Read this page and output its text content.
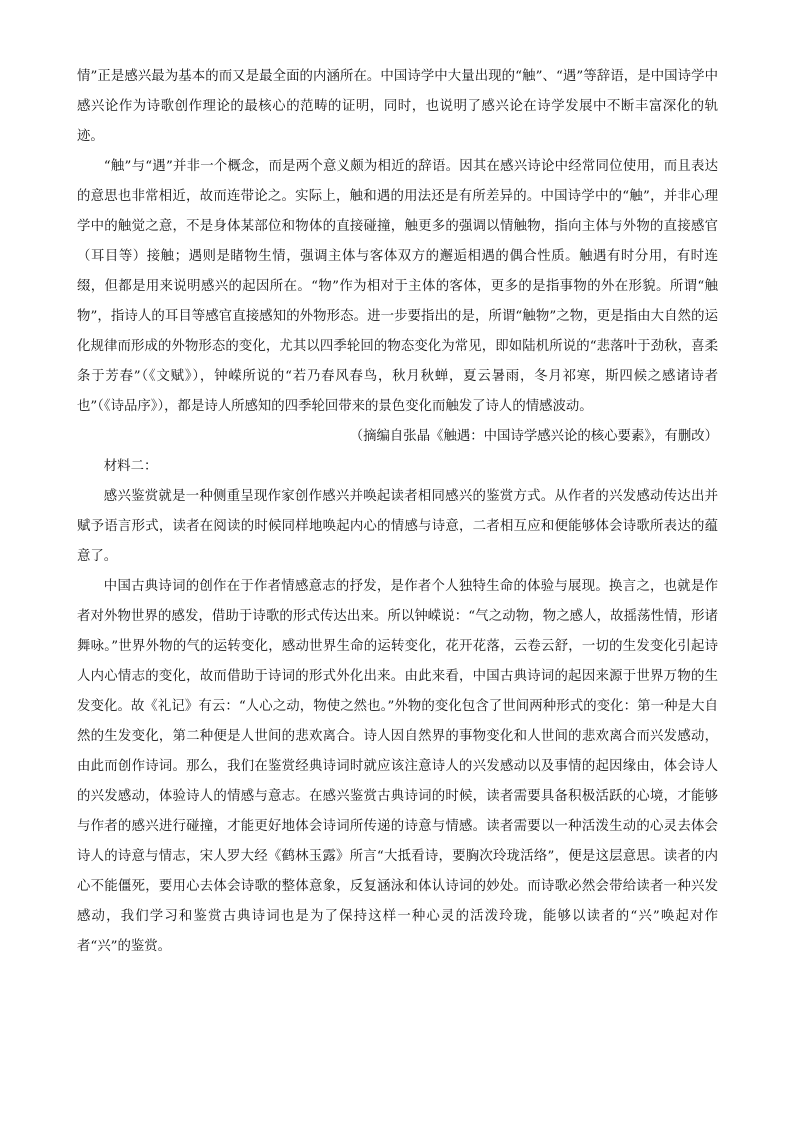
情”正是感兴最为基本的而又是最全面的内涵所在。中国诗学中大量出现的“触”、“遇”等辞语，是中国诗学中感兴论作为诗歌创作理论的最核心的范畴的证明，同时，也说明了感兴论在诗学发展中不断丰富深化的轨迹。

“触”与“遇”并非一个概念，而是两个意义颇为相近的辞语。因其在感兴诗论中经常同位使用，而且表达的意思也非常相近，故而连带论之。实际上，触和遇的用法还是有所差异的。中国诗学中的“触”，并非心理学中的触觉之意，不是身体某部位和物体的直接碰撞，触更多的强调以情触物，指向主体与外物的直接感官（耳目等）接触；遇则是睹物生情，强调主体与客体双方的邂逅相遇的偶合性质。触遇有时分用，有时连缀，但都是用来说明感兴的起因所在。“物”作为相对于主体的客体，更多的是指事物的外在形貌。所谓“触物”，指诗人的耳目等感官直接感知的外物形态。进一步要指出的是，所谓“触物”之物，更是指由大自然的运化规律而形成的外物形态的变化，尤其以四季轮回的物态变化为常见，即如陆机所说的“悲落叶于劲秋，喜柔条于芳春”（《文赋》），钟嵘所说的“若乃春风春鸟，秋月秋蝉，夏云暑雨，冬月祁寒，斯四候之感诸诗者也”（《诗品序》），都是诗人所感知的四季轮回带来的景色变化而触发了诗人的情感波动。

（摘编自张晶《触遇：中国诗学感兴论的核心要素》，有删改）

材料二：

感兴鉴赏就是一种侧重呈现作家创作感兴并唤起读者相同感兴的鉴赏方式。从作者的兴发感动传达出并赋予语言形式，读者在阅读的时候同样地唤起内心的情感与诗意，二者相互应和便能够体会诗歌所表达的蕴意了。

中国古典诗词的创作在于作者情感意志的抒发，是作者个人独特生命的体验与展现。换言之，也就是作者对外物世界的感发，借助于诗歌的形式传达出来。所以钟嵘说：“气之动物，物之感人，故摇荡性情，形诸舞咏。”世界外物的气的运转变化，感动世界生命的运转变化，花开花落，云卷云舒，一切的生发变化引起诗人内心情志的变化，故而借助于诗词的形式外化出来。由此来看，中国古典诗词的起因来源于世界万物的生发变化。故《礼记》有云：“人心之动，物使之然也。”外物的变化包含了世间两种形式的变化：第一种是大自然的生发变化，第二种便是人世间的悲欢离合。诗人因自然界的事物变化和人世间的悲欢离合而兴发感动，由此而创作诗词。那么，我们在鉴赏经典诗词时就应该注意诗人的兴发感动以及事情的起因缘由，体会诗人的兴发感动，体验诗人的情感与意志。在感兴鉴赏古典诗词的时候，读者需要具备积极活跃的心境，才能够与作者的感兴进行碰撞，才能更好地体会诗词所传递的诗意与情感。读者需要以一种活泼生动的心灵去体会诗人的诗意与情志，宋人罗大经《鹤林玉露》所言“大抵看诗，要胸次玲珑活络”，便是这层意思。读者的内心不能僵死，要用心去体会诗歌的整体意象，反复涵泳和体认诗词的妙处。而诗歌必然会带给读者一种兴发感动，我们学习和鉴赏古典诗词也是为了保持这样一种心灵的活泼玲珑，能够以读者的“兴”唤起对作者“兴”的鉴赏。
